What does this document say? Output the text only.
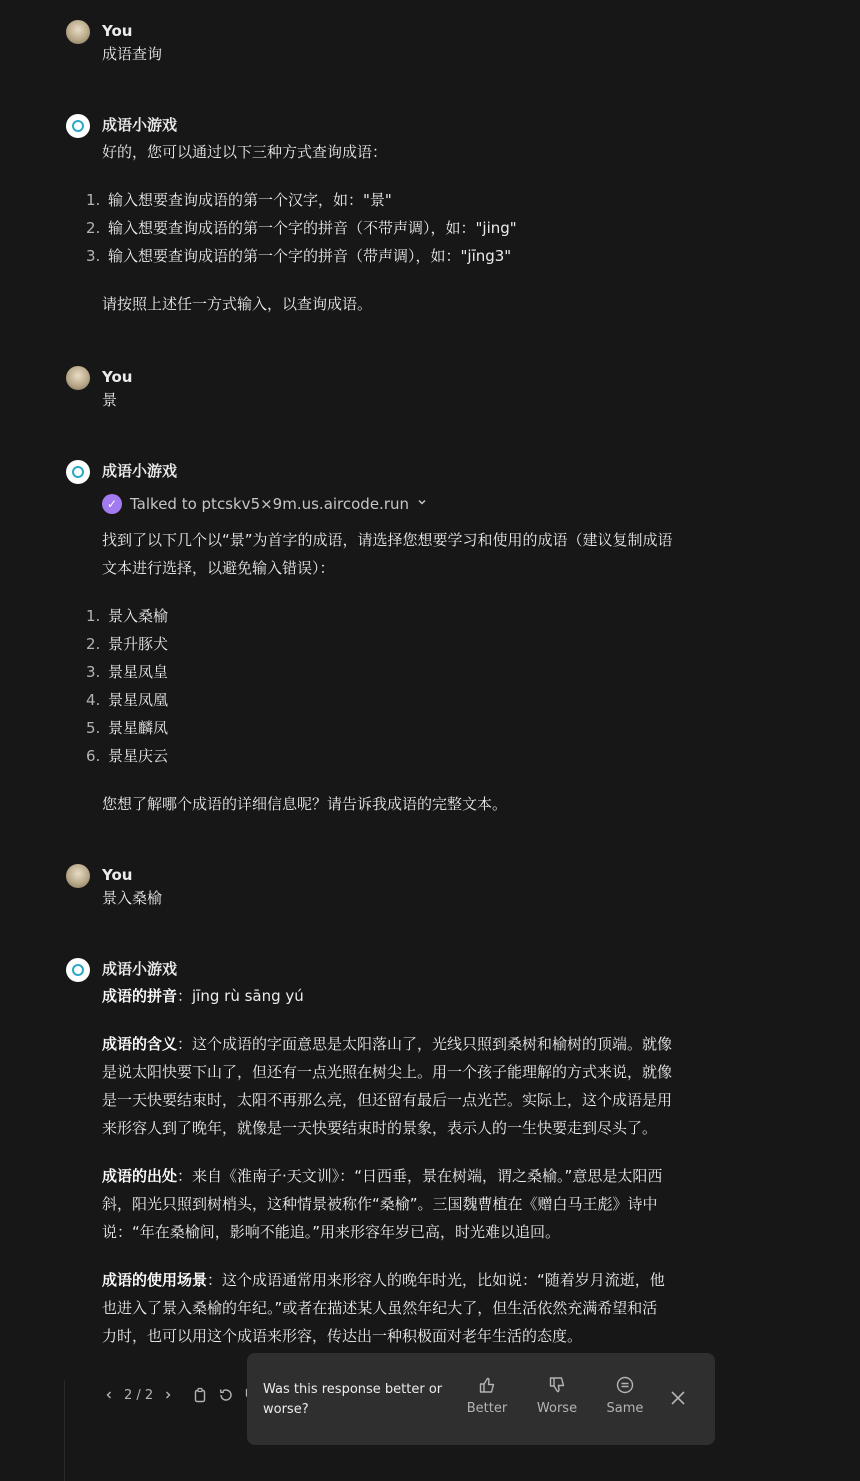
You
成语查询
成语小游戏
好的，您可以通过以下三种方式查询成语：
1. 输入想要查询成语的第一个汉字，如："景"
2. 输入想要查询成语的第一个字的拼音（不带声调），如："jing"
3. 输入想要查询成语的第一个字的拼音（带声调），如："jīng3"
请按照上述任一方式输入，以查询成语。
You
景
成语小游戏
✓ Talked to ptcskv5×9m.us.aircode.run
找到了以下几个以“景”为首字的成语，请选择您想要学习和使用的成语（建议复制成语
文本进行选择，以避免输入错误）：
1. 景入桑榆
2. 景升豚犬
3. 景星凤皇
4. 景星凤凰
5. 景星麟凤
6. 景星庆云
您想了解哪个成语的详细信息呢？请告诉我成语的完整文本。
You
景入桑榆
成语小游戏
成语的拼音：jīng rù sāng yú
成语的含义：这个成语的字面意思是太阳落山了，光线只照到桑树和榆树的顶端。就像
是说太阳快要下山了，但还有一点光照在树尖上。用一个孩子能理解的方式来说，就像
是一天快要结束时，太阳不再那么亮，但还留有最后一点光芒。实际上，这个成语是用
来形容人到了晚年，就像是一天快要结束时的景象，表示人的一生快要走到尽头了。
成语的出处：来自《淮南子·天文训》：“日西垂，景在树端，谓之桑榆。”意思是太阳西
斜，阳光只照到树梢头，这种情景被称作“桑榆”。三国魏曹植在《赠白马王彪》诗中
说：“年在桑榆间，影响不能追。”用来形容年岁已高，时光难以追回。
成语的使用场景：这个成语通常用来形容人的晚年时光，比如说：“随着岁月流逝，他
也进入了景入桑榆的年纪。”或者在描述某人虽然年纪大了，但生活依然充满希望和活
力时，也可以用这个成语来形容，传达出一种积极面对老年生活的态度。
2 / 2	Was this response better or worse?	Better	Worse	Same
